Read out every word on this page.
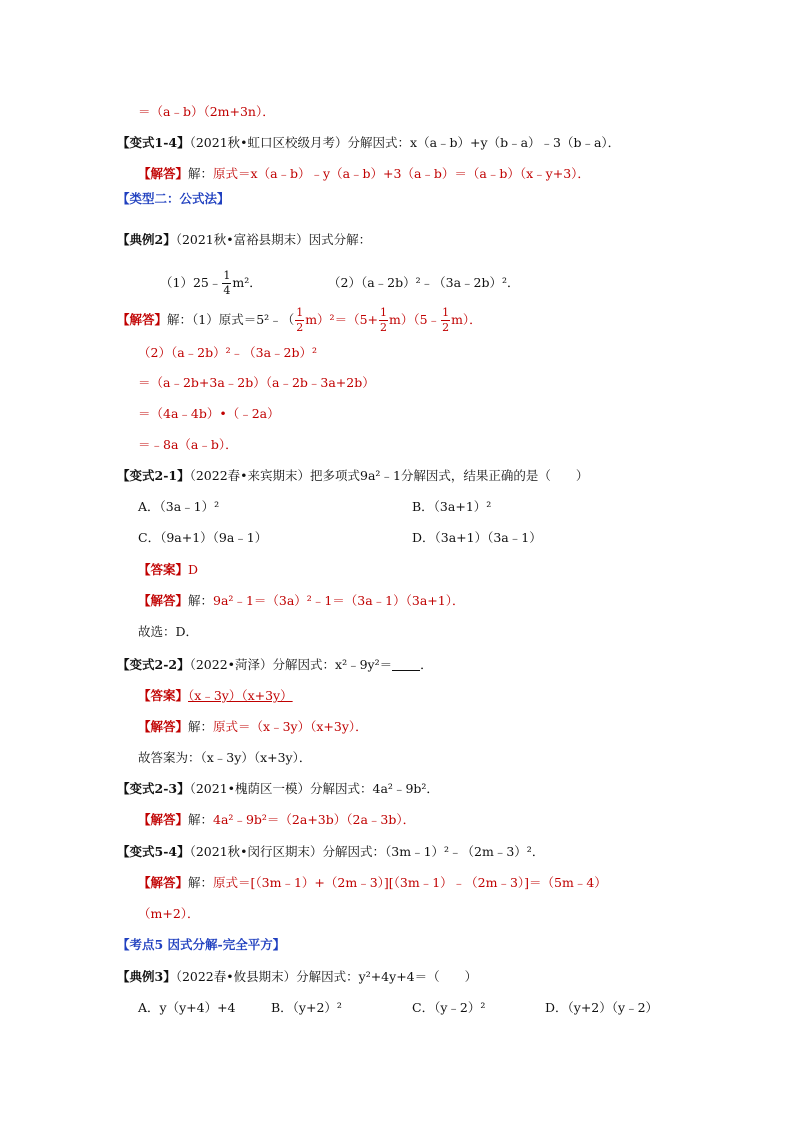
＝（a﹣b）（2m+3n）．
【变式1-4】（2021秋•虹口区校级月考）分解因式：x（a﹣b）+y（b﹣a）﹣3（b﹣a）．
【解答】解：原式＝x（a﹣b）﹣y（a﹣b）+3（a﹣b）＝（a﹣b）（x﹣y+3）．
【类型二：公式法】
【典例2】（2021秋•富裕县期末）因式分解：
（1）25﹣ $\frac{1}{4} m^2$．	（2）（a﹣2b）²﹣（3a﹣2b）²．
【解答】解：（1）原式＝5²﹣（ $\frac{1}{2} m)^2=(5+ \frac{1}{2}$ m）（5﹣ $\frac{1}{2} m$）．
（2）（a﹣2b）²﹣（3a﹣2b）²
＝（a﹣2b+3a﹣2b）（a﹣2b﹣3a+2b）
＝（4a﹣4b）•（﹣2a）
＝﹣8a（a﹣b）．
【变式2-1】（2022春•来宾期末）把多项式9a²﹣1分解因式，结果正确的是（　　）
A．（3a﹣1）²	B．（3a+1）²
C．（9a+1）（9a﹣1）	D．（3a+1）（3a﹣1）
【答案】D
【解答】解：9a²﹣1＝（3a）²﹣1＝（3a﹣1）（3a+1）．
故选：D．
【变式2-2】（2022•菏泽）分解因式：x²﹣9y²＝ ．
【答案】（x﹣3y）（x+3y）
【解答】解：原式＝（x﹣3y）（x+3y）．
故答案为：（x﹣3y）（x+3y）．
【变式2-3】（2021•槐荫区一模）分解因式：4a²﹣9b²．
【解答】解：4a²﹣9b²＝（2a+3b）（2a﹣3b）．
【变式5-4】（2021秋•闵行区期末）分解因式：（3m﹣1）²﹣（2m﹣3）²．
【解答】解：原式＝[（3m﹣1）+（2m﹣3）][（3m﹣1）﹣（2m﹣3）]＝（5m﹣4）
（m+2）．
【考点5 因式分解-完全平方】
【典例3】（2022春•攸县期末）分解因式：y²+4y+4＝（　　）
A．y（y+4）+4	B．（y+2）²	C．（y﹣2）²	D．（y+2）（y﹣2）
